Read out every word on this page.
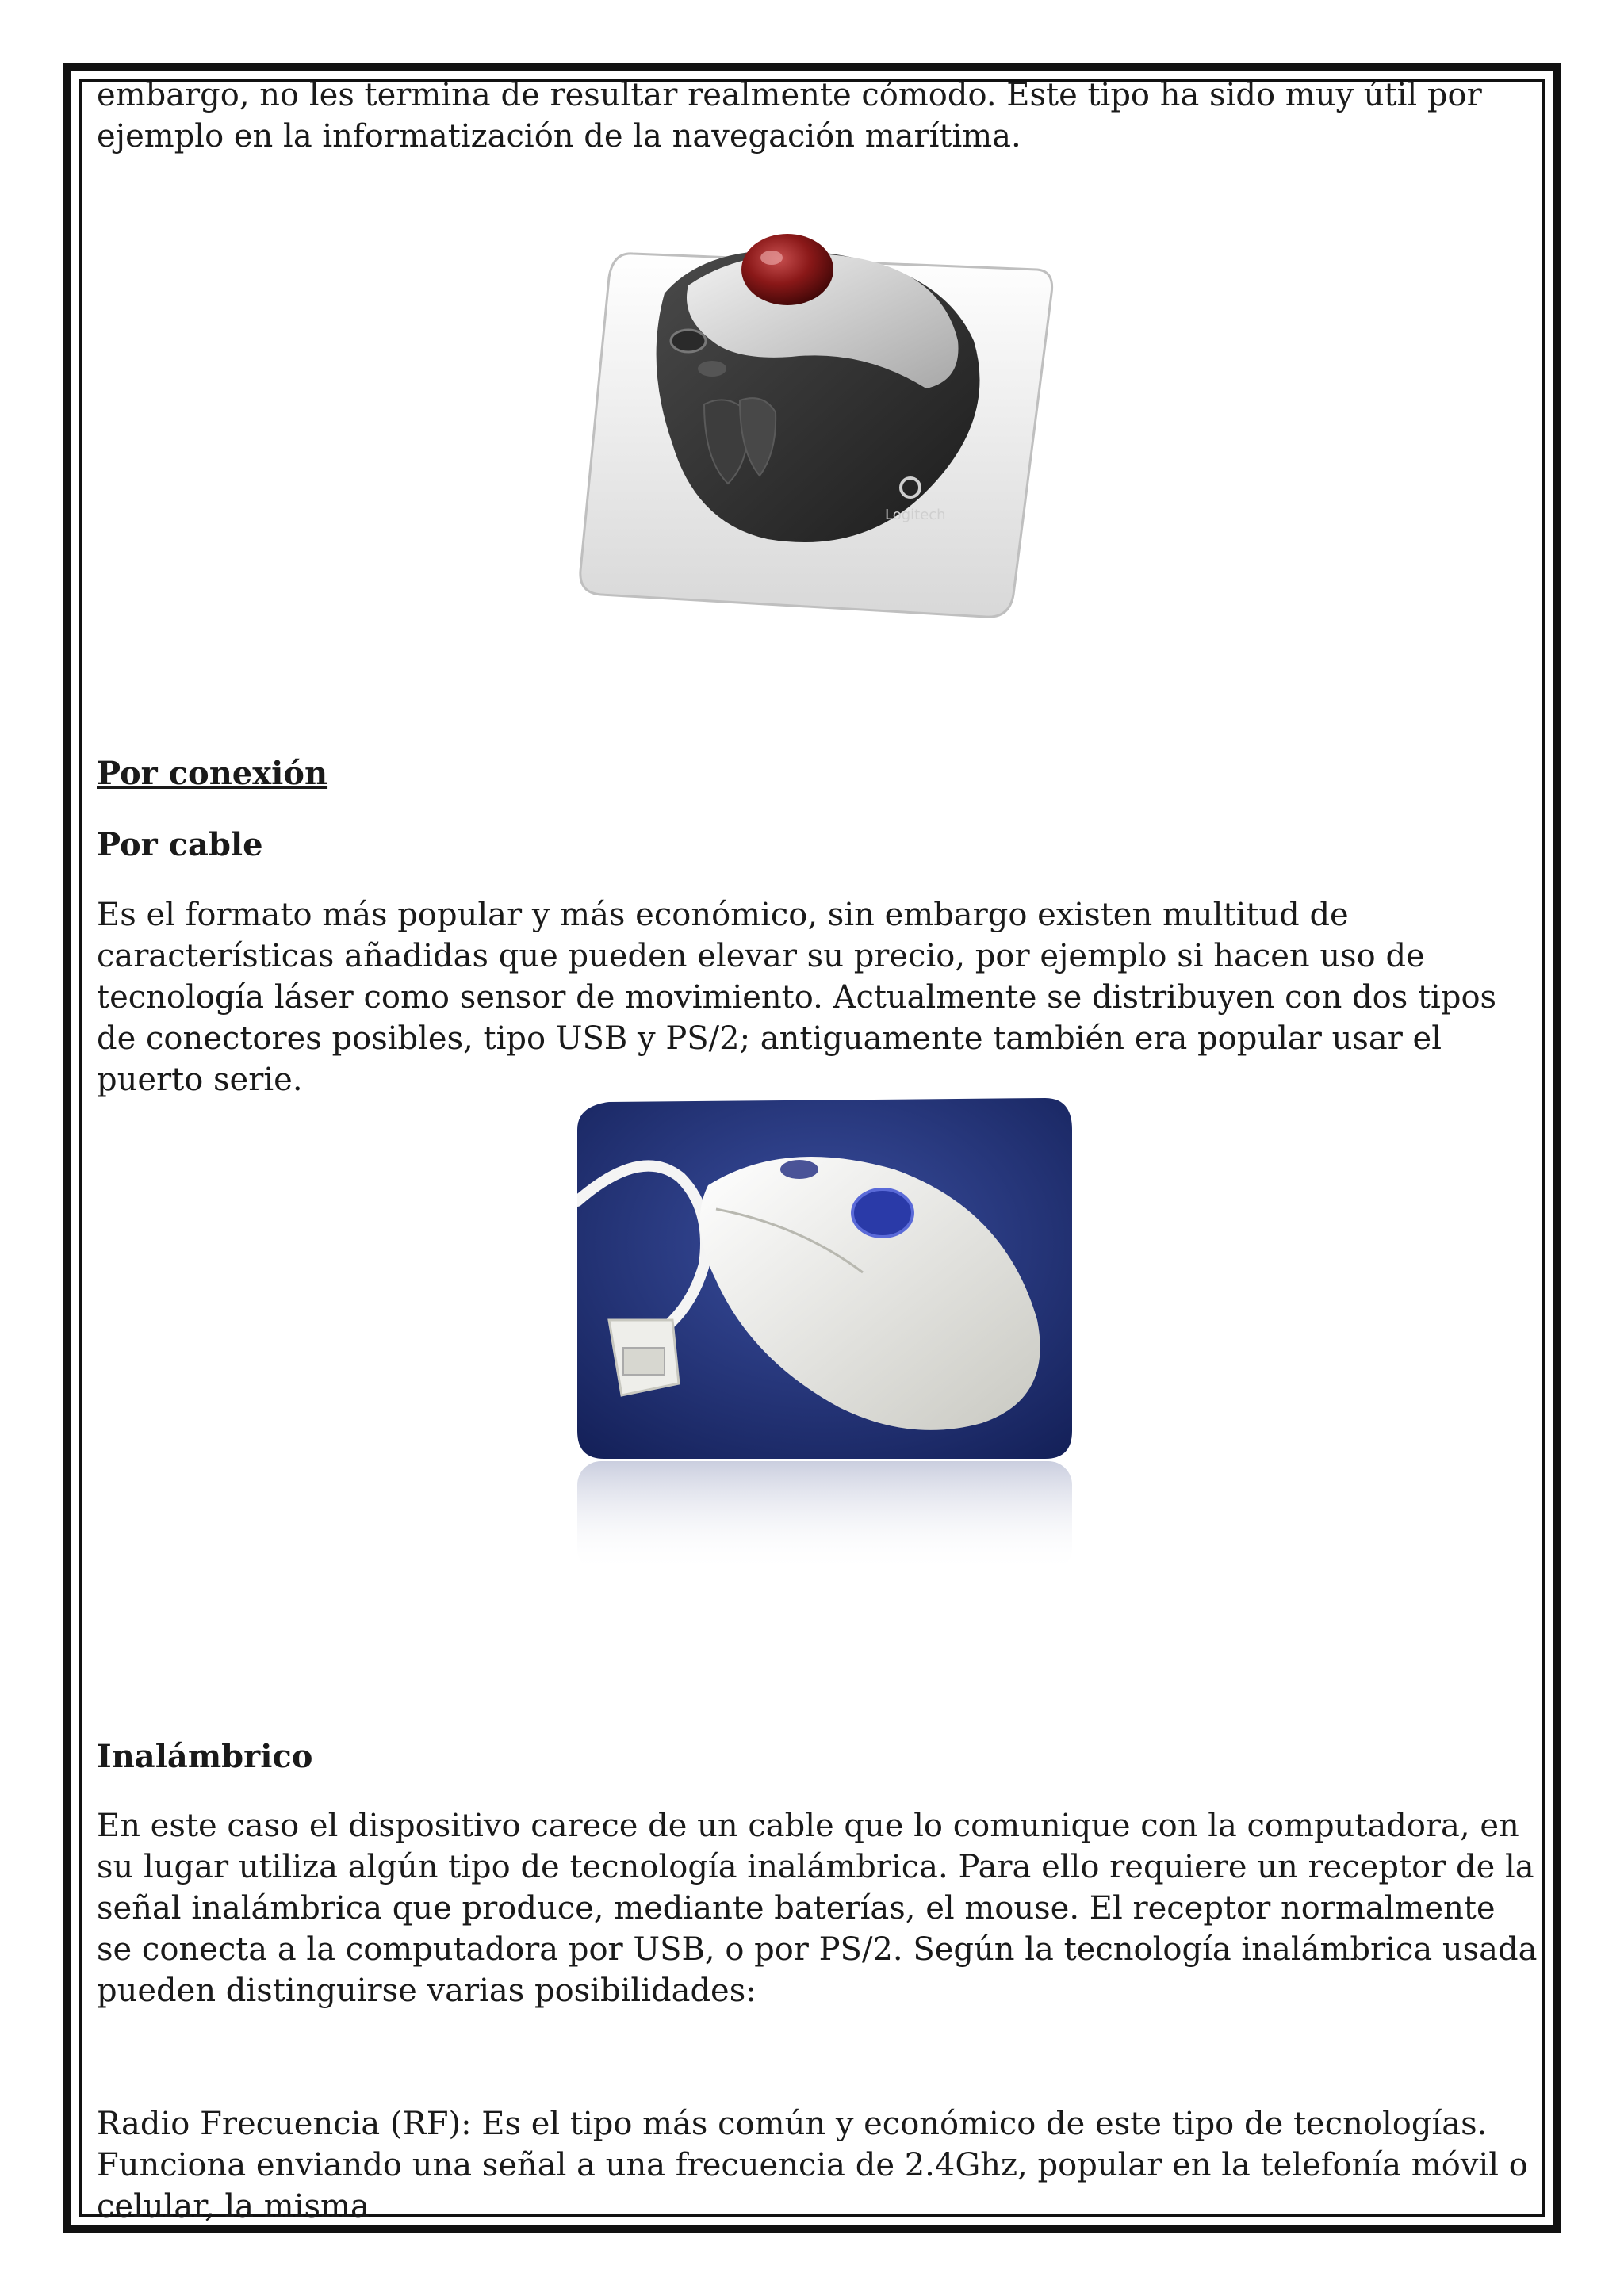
embargo, no les termina de resultar realmente cómodo. Este tipo ha sido muy útil por ejemplo en la informatización de la navegación marítima.

Logitech

Por conexión

Por cable

Es el formato más popular y más económico, sin embargo existen multitud de características añadidas que pueden elevar su precio, por ejemplo si hacen uso de tecnología láser como sensor de movimiento. Actualmente se distribuyen con dos tipos de conectores posibles, tipo USB y PS/2; antiguamente también era popular usar el puerto serie.

Inalámbrico

En este caso el dispositivo carece de un cable que lo comunique con la computadora, en su lugar utiliza algún tipo de tecnología inalámbrica. Para ello requiere un receptor de la señal inalámbrica que produce, mediante baterías, el mouse. El receptor normalmente se conecta a la computadora por USB, o por PS/2. Según la tecnología inalámbrica usada pueden distinguirse varias posibilidades:

Radio Frecuencia (RF): Es el tipo más común y económico de este tipo de tecnologías. Funciona enviando una señal a una frecuencia de 2.4Ghz, popular en la telefonía móvil o celular, la misma
